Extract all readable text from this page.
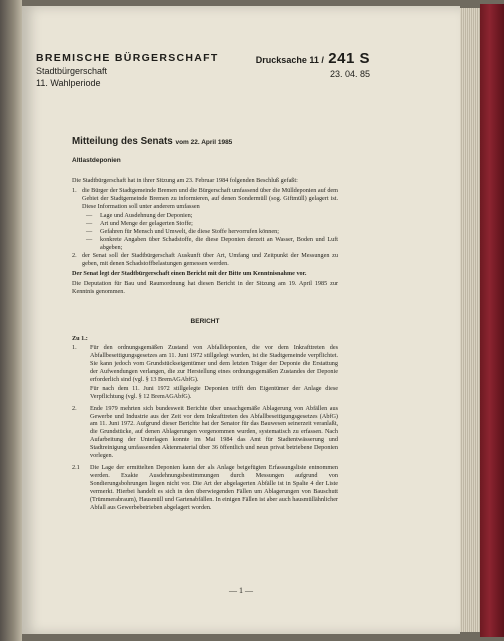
BREMISCHE BÜRGERSCHAFT
Stadtbürgerschaft
11. Wahlperiode
Drucksache 11 / 241 S
23. 04. 85
Mitteilung des Senats vom 22. April 1985
Altlastdeponien

Die Stadtbürgerschaft hat in ihrer Sitzung am 23. Februar 1984 folgenden Beschluß gefaßt:

1. die Bürger der Stadtgemeinde Bremen und die Bürgerschaft umfassend über die Mülldeponien auf dem Gebiet der Stadtgemeinde Bremen zu informieren, auf denen Sondermüll (sog. Giftmüll) gelagert ist. Diese Information soll unter anderem umfassen
—	Lage und Ausdehnung der Deponien;
—	Art und Menge der gelagerten Stoffe;
—	Gefahren für Mensch und Umwelt, die diese Stoffe hervorrufen können;
—	konkrete Angaben über Schadstoffe, die diese Deponien derzeit an Wasser, Boden und Luft abgeben;
2. der Senat soll der Stadtbürgerschaft Auskunft über Art, Umfang und Zeitpunkt der Messungen zu geben, mit denen Schadstoffbelastungen gemessen werden.

Der Senat legt der Stadtbürgerschaft einen Bericht mit der Bitte um Kenntnisnahme vor.

Die Deputation für Bau und Raumordnung hat diesen Bericht in der Sitzung am 19. April 1985 zur Kenntnis genommen.

BERICHT
Zu 1.:
1.	Für den ordnungsgemäßen Zustand von Abfalldeponien, die vor dem Inkrafttreten des Abfallbeseitigungsgesetzes am 11. Juni 1972 stillgelegt wurden, ist die Stadtgemeinde verpflichtet. Sie kann jedoch vom Grundstückseigentümer und dem letzten Träger der Deponie die Erstattung der Aufwendungen verlangen, die zur Herstellung eines ordnungsgemäßen Zustandes der Deponie erforderlich sind (vgl. § 13 BremAGAbfG).

Für nach dem 11. Juni 1972 stillgelegte Deponien trifft den Eigentümer der Anlage diese Verpflichtung (vgl. § 12 BremAGAbfG).

2.	Ende 1979 mehrten sich bundesweit Berichte über unsachgemäße Ablagerung von Abfällen aus Gewerbe und Industrie aus der Zeit vor dem Inkrafttreten des Abfallbeseitigungsgesetzes (AbfG) am 11. Juni 1972. Aufgrund dieser Berichte hat der Senator für das Bauwesen seinerzeit veranlaßt, die Grundstücke, auf denen Ablagerungen vorgenommen wurden, systematisch zu erfassen. Nach Aufarbeitung der Unterlagen konnte im Mai 1984 das Amt für Stadtentwässerung und Stadtreinigung umfassenden Aktenmaterial über 36 öffentlich und neun privat betriebene Deponien vorlegen.

2.1	Die Lage der ermittelten Deponien kann der als Anlage beigefügten Erfassungsliste entnommen werden. Exakte Ausdehnungsbestimmungen durch Messungen aufgrund von Sondierungsbohrungen liegen nicht vor. Die Art der abgelagerten Abfälle ist in Spalte 4 der Liste vermerkt. Hierbei handelt es sich in den überwiegenden Fällen um Ablagerungen von Bauschutt (Trümmerabraum), Hausmüll und Gartenabfällen. In einigen Fällen ist aber auch hausmüllähnlicher Abfall aus Gewerbebetrieben abgelagert worden.

— 1 —
